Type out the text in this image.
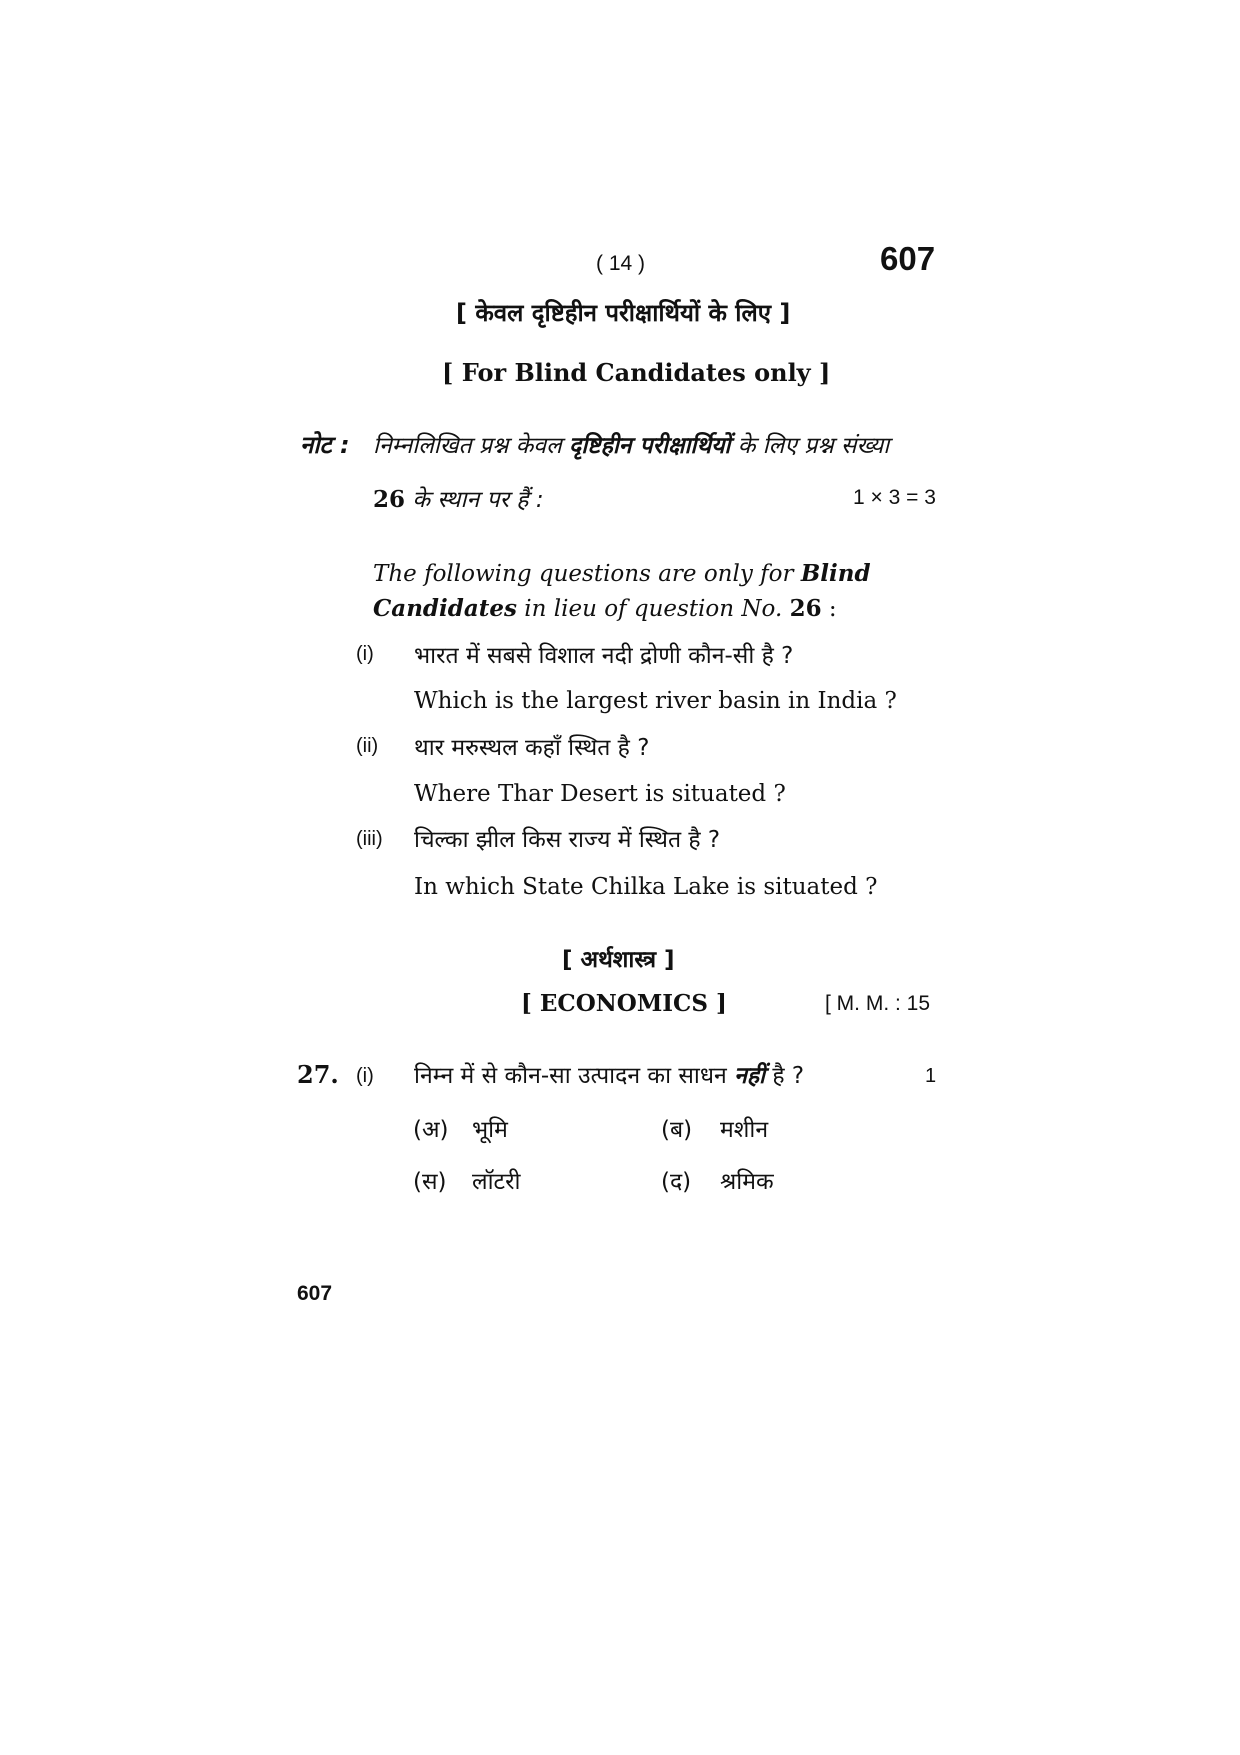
( 14 )	607
[ केवल दृष्टिहीन परीक्षार्थियों के लिए ]
[ For Blind Candidates only ]
नोट : निम्नलिखित प्रश्न केवल दृष्टिहीन परीक्षार्थियों के लिए प्रश्न संख्या
26 के स्थान पर हैं :	1 × 3 = 3
The following questions are only for Blind
Candidates in lieu of question No. 26 :
(i) भारत में सबसे विशाल नदी द्रोणी कौन-सी है ?
Which is the largest river basin in India ?
(ii) थार मरुस्थल कहाँ स्थित है ?
Where Thar Desert is situated ?
(iii) चिल्का झील किस राज्य में स्थित है ?
In which State Chilka Lake is situated ?
[ अर्थशास्त्र ]
[ ECONOMICS ]	[ M. M. : 15
27. (i) निम्न में से कौन-सा उत्पादन का साधन नहीं है ?	1
(अ) भूमि	(ब) मशीन
(स) लॉटरी	(द) श्रमिक
607
